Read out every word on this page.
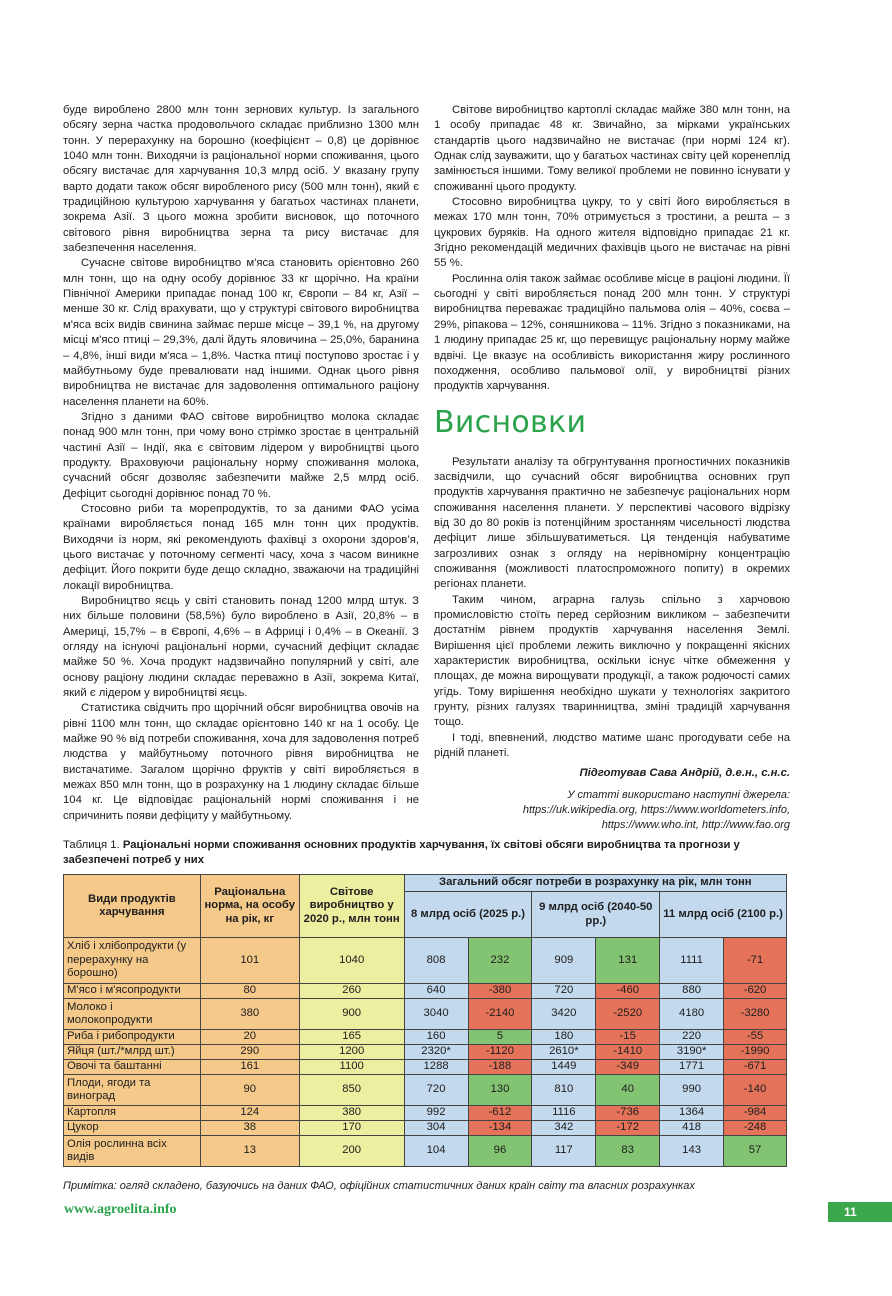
буде вироблено 2800 млн тонн зернових культур. Із загального обсягу зерна частка продовольчого складає приблизно 1300 млн тонн. У перерахунку на борошно (коефіцієнт – 0,8) це дорівнює 1040 млн тонн. Виходячи із раціональної норми споживання, цього обсягу вистачає для харчування 10,3 млрд осіб. У вказану групу варто додати також обсяг виробленого рису (500 млн тонн), який є традиційною культурою харчування у багатьох частинах планети, зокрема Азії. З цього можна зробити висновок, що поточного світового рівня виробництва зерна та рису вистачає для забезпечення населення.

Сучасне світове виробництво м'яса становить орієнтовно 260 млн тонн, що на одну особу дорівнює 33 кг щорічно. На країни Північної Америки припадає понад 100 кг, Європи – 84 кг, Азії – менше 30 кг. Слід врахувати, що у структурі світового виробництва м'яса всіх видів свинина займає перше місце – 39,1 %, на другому місці м'ясо птиці – 29,3%, далі йдуть яловичина – 25,0%, баранина – 4,8%, інші види м'яса – 1,8%. Частка птиці поступово зростає і у майбутньому буде превалювати над іншими. Однак цього рівня виробництва не вистачає для задоволення оптимального раціону населення планети на 60%.

Згідно з даними ФАО світове виробництво молока складає понад 900 млн тонн, при чому воно стрімко зростає в центральній частині Азії – Індії, яка є світовим лідером у виробництві цього продукту. Враховуючи раціональну норму споживання молока, сучасний обсяг дозволяє забезпечити майже 2,5 млрд осіб. Дефіцит сьогодні дорівнює понад 70 %.

Стосовно риби та морепродуктів, то за даними ФАО усіма країнами виробляється понад 165 млн тонн цих продуктів. Виходячи із норм, які рекомендують фахівці з охорони здоров’я, цього вистачає у поточному сегменті часу, хоча з часом виникне дефіцит. Його покрити буде дещо складно, зважаючи на традиційні локації виробництва.

Виробництво яєць у світі становить понад 1200 млрд штук. З них більше половини (58,5%) було вироблено в Азії, 20,8% – в Америці, 15,7% – в Європі, 4,6% – в Африці і 0,4% – в Океанії. З огляду на існуючі раціональні норми, сучасний дефіцит складає майже 50 %. Хоча продукт надзвичайно популярний у світі, але основу раціону людини складає переважно в Азії, зокрема Китаї, який є лідером у виробництві яєць.

Статистика свідчить про щорічний обсяг виробництва овочів на рівні 1100 млн тонн, що складає орієнтовно 140 кг на 1 особу. Це майже 90 % від потреби споживання, хоча для задоволення потреб людства у майбутньому поточного рівня виробництва не вистачатиме. Загалом щорічно фруктів у світі виробляється в межах 850 млн тонн, що в розрахунку на 1 людину складає більше 104 кг. Це відповідає раціональній нормі споживання і не спричинить появи дефіциту у майбутньому.

Світове виробництво картоплі складає майже 380 млн тонн, на 1 особу припадає 48 кг. Звичайно, за мірками українських стандартів цього надзвичайно не вистачає (при нормі 124 кг). Однак слід зауважити, що у багатьох частинах світу цей коренеплід замінюється іншими. Тому великої проблеми не повинно існувати у споживанні цього продукту.

Стосовно виробництва цукру, то у світі його виробляється в межах 170 млн тонн, 70% отримується з тростини, а решта – з цукрових буряків. На одного жителя відповідно припадає 21 кг. Згідно рекомендацій медичних фахівців цього не вистачає на рівні 55 %.

Рослинна олія також займає особливе місце в раціоні людини. Її сьогодні у світі виробляється понад 200 млн тонн. У структурі виробництва переважає традиційно пальмова олія – 40%, соєва – 29%, ріпакова – 12%, соняшникова – 11%. Згідно з показниками, на 1 людину припадає 25 кг, що перевищує раціональну норму майже вдвічі. Це вказує на особливість використання жиру рослинного походження, особливо пальмової олії, у виробництві різних продуктів харчування.

Висновки

Результати аналізу та обгрунтування прогностичних показників засвідчили, що сучасний обсяг виробництва основних груп продуктів харчування практично не забезпечує раціональних норм споживання населення планети. У перспективі часового відрізку від 30 до 80 років із потенційним зростанням чисельності людства дефіцит лише збільшуватиметься. Ця тенденція набуватиме загрозливих ознак з огляду на нерівномірну концентрацію споживання (можливості платоспроможного попиту) в окремих регіонах планети.

Таким чином, аграрна галузь спільно з харчовою промисловістю стоїть перед серйозним викликом – забезпечити достатнім рівнем продуктів харчування населення Землі. Вирішення цієї проблеми лежить виключно у покращенні якісних характеристик виробництва, оскільки існує чітке обмеження у площах, де можна вирощувати продукції, а також родючості самих угідь. Тому вирішення необхідно шукати у технологіях закритого грунту, різних галузях тваринництва, зміні традицій харчування тощо.

І тоді, впевнений, людство матиме шанс прогодувати себе на рідній планеті.

Підготував Сава Андрій, д.е.н., с.н.с.
У статті використано наступні джерела:
https://uk.wikipedia.org, https://www.worldometers.info,
https://www.who.int, http://www.fao.org
Таблиця 1. Раціональні норми споживання основних продуктів харчування, їх світові обсяги виробництва та прогнози у забезпечені потреб у них
Види продуктів харчування	Раціональна норма, на особу на рік, кг	Світове виробництво у 2020 р., млн тонн	Загальний обсяг потреби в розрахунку на рік, млн тонн					
			8 млрд осіб (2025 р.)		9 млрд осіб (2040-50 рр.)		11 млрд осіб (2100 р.)	
Хліб і хлібопродукти (у перерахунку на борошно)	101	1040	808	232	909	131	1111	-71
М'ясо і м'ясопродукти	80	260	640	-380	720	-460	880	-620
Молоко і молокопродукти	380	900	3040	-2140	3420	-2520	4180	-3280
Риба і рибопродукти	20	165	160	5	180	-15	220	-55
Яйця (шт./*млрд шт.)	290	1200	2320*	-1120	2610*	-1410	3190*	-1990
Овочі та баштанні	161	1100	1288	-188	1449	-349	1771	-671
Плоди, ягоди та виноград	90	850	720	130	810	40	990	-140
Картопля	124	380	992	-612	1116	-736	1364	-984
Цукор	38	170	304	-134	342	-172	418	-248
Олія рослинна всіх видів	13	200	104	96	117	83	143	57
Примітка: огляд складено, базуючись на даних ФАО, офіційних статистичних даних країн світу та власних розрахунках
www.agroelita.info	11
